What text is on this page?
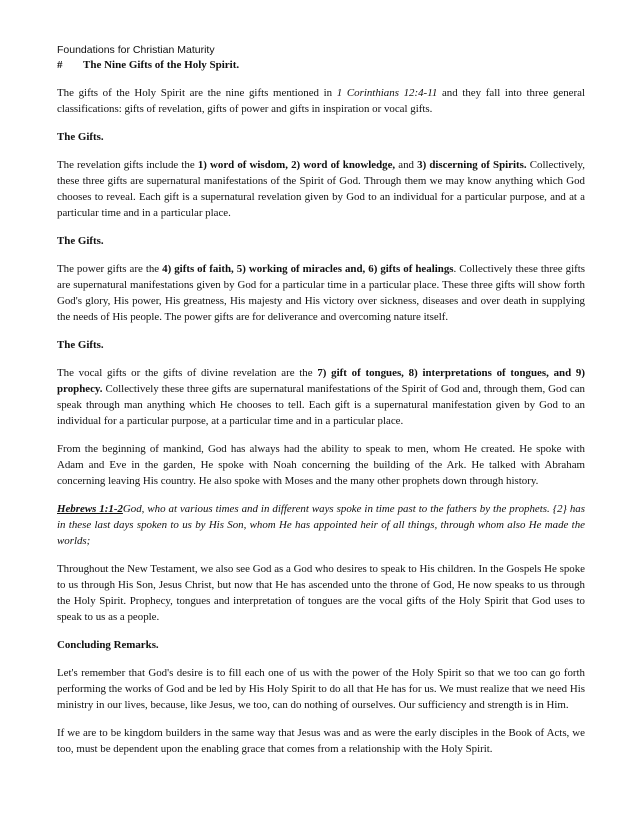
Foundations for Christian Maturity

# The Nine Gifts of the Holy Spirit.

The gifts of the Holy Spirit are the nine gifts mentioned in 1 Corinthians 12:4-11 and they fall into three general classifications: gifts of revelation, gifts of power and gifts in inspiration or vocal gifts.

The Gifts.

The revelation gifts include the 1) word of wisdom, 2) word of knowledge, and 3) discerning of Spirits. Collectively, these three gifts are supernatural manifestations of the Spirit of God. Through them we may know anything which God chooses to reveal. Each gift is a supernatural revelation given by God to an individual for a particular purpose, and at a particular time and in a particular place.

The Gifts.

The power gifts are the 4) gifts of faith, 5) working of miracles and, 6) gifts of healings. Collectively these three gifts are supernatural manifestations given by God for a particular time in a particular place. These three gifts will show forth God's glory, His power, His greatness, His majesty and His victory over sickness, diseases and over death in supplying the needs of His people. The power gifts are for deliverance and overcoming nature itself.

The Gifts.

The vocal gifts or the gifts of divine revelation are the 7) gift of tongues, 8) interpretations of tongues, and 9) prophecy. Collectively these three gifts are supernatural manifestations of the Spirit of God and, through them, God can speak through man anything which He chooses to tell. Each gift is a supernatural manifestation given by God to an individual for a particular purpose, at a particular time and in a particular place.

From the beginning of mankind, God has always had the ability to speak to men, whom He created. He spoke with Adam and Eve in the garden, He spoke with Noah concerning the building of the Ark. He talked with Abraham concerning leaving His country. He also spoke with Moses and the many other prophets down through history.

Hebrews 1:1-2God, who at various times and in different ways spoke in time past to the fathers by the prophets. {2} has in these last days spoken to us by His Son, whom He has appointed heir of all things, through whom also He made the worlds;

Throughout the New Testament, we also see God as a God who desires to speak to His children. In the Gospels He spoke to us through His Son, Jesus Christ, but now that He has ascended unto the throne of God, He now speaks to us through the Holy Spirit. Prophecy, tongues and interpretation of tongues are the vocal gifts of the Holy Spirit that God uses to speak to us as a people.

Concluding Remarks.

Let's remember that God's desire is to fill each one of us with the power of the Holy Spirit so that we too can go forth performing the works of God and be led by His Holy Spirit to do all that He has for us. We must realize that we need His ministry in our lives, because, like Jesus, we too, can do nothing of ourselves. Our sufficiency and strength is in Him.

If we are to be kingdom builders in the same way that Jesus was and as were the early disciples in the Book of Acts, we too, must be dependent upon the enabling grace that comes from a relationship with the Holy Spirit.
